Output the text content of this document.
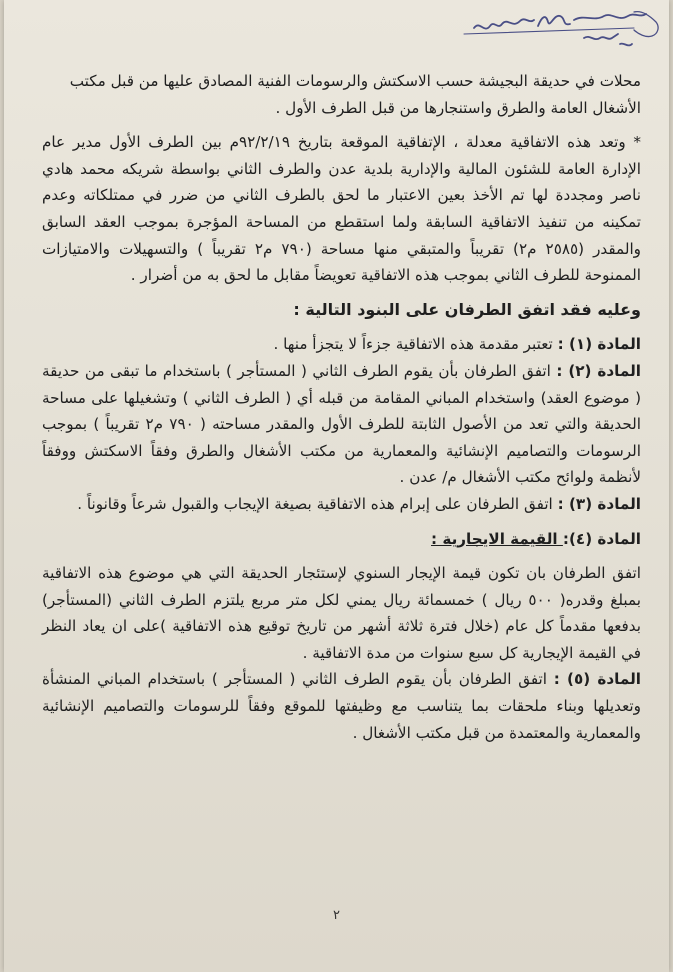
محلات في حديقة البجيشة حسب الاسكتش والرسومات الفنية المصادق عليها من قبل مكتب

الأشغال العامة والطرق واستنجارها من قبل الطرف الأول .

* وتعد هذه الاتفاقية معدلة ، الإتفاقية الموقعة بتاريخ ٩٢/٢/١٩م بين الطرف الأول مدير عام الإدارة العامة للشئون المالية والإدارية بلدية عدن والطرف الثاني بواسطة شريكه محمد هادي ناصر ومجددة لها تم الأخذ بعين الاعتبار ما لحق بالطرف الثاني من ضرر في ممتلكاته وعدم تمكينه من تنفيذ الاتفاقية السابقة ولما استقطع من المساحة المؤجرة بموجب العقد السابق والمقدر (٢٥٨٥ م٢) تقريباً والمتبقي منها مساحة (٧٩٠ م٢ تقريباً ) والتسهيلات والامتيازات الممنوحة للطرف الثاني بموجب هذه الاتفاقية تعويضاً مقابل ما لحق به من أضرار .

وعليه فقد اتفق الطرفان على البنود التالية :

المادة (١) : تعتبر مقدمة هذه الاتفاقية جزءاً لا يتجزأ منها .

المادة (٢) : اتفق الطرفان بأن يقوم الطرف الثاني ( المستأجر ) باستخدام ما تبقى من حديقة ( موضوع العقد) واستخدام المباني المقامة من قبله أي ( الطرف الثاني ) وتشغيلها على مساحة الحديقة والتي تعد من الأصول الثابتة للطرف الأول والمقدر مساحته ( ٧٩٠ م٢ تقريباً ) بموجب الرسومات والتصاميم الإنشائية والمعمارية من مكتب الأشغال والطرق وفقاً الاسكتش ووفقاً لأنظمة ولوائح مكتب الأشغال م/ عدن .

المادة (٣) : اتفق الطرفان على إبرام هذه الاتفاقية بصيغة الإيجاب والقبول شرعاً وقانوناً .

المادة (٤): القيمة الايجارية :

اتفق الطرفان بان تكون قيمة الإيجار السنوي لإستئجار الحديقة التي هي موضوع هذه الاتفاقية بمبلغ وقدره( ٥٠٠ ريال ) خمسمائة ريال يمني لكل متر مربع يلتزم الطرف الثاني (المستأجر) بدفعها مقدماً كل عام (خلال فترة ثلاثة أشهر من تاريخ توقيع هذه الاتفاقية )على ان يعاد النظر في القيمة الإيجارية كل سبع سنوات من مدة الاتفاقية .

المادة (٥) : اتفق الطرفان بأن يقوم الطرف الثاني ( المستأجر ) باستخدام المباني المنشأة وتعديلها وبناء ملحقات بما يتناسب مع وظيفتها للموقع وفقاً للرسومات والتصاميم الإنشائية والمعمارية والمعتمدة من قبل مكتب الأشغال .

٢
